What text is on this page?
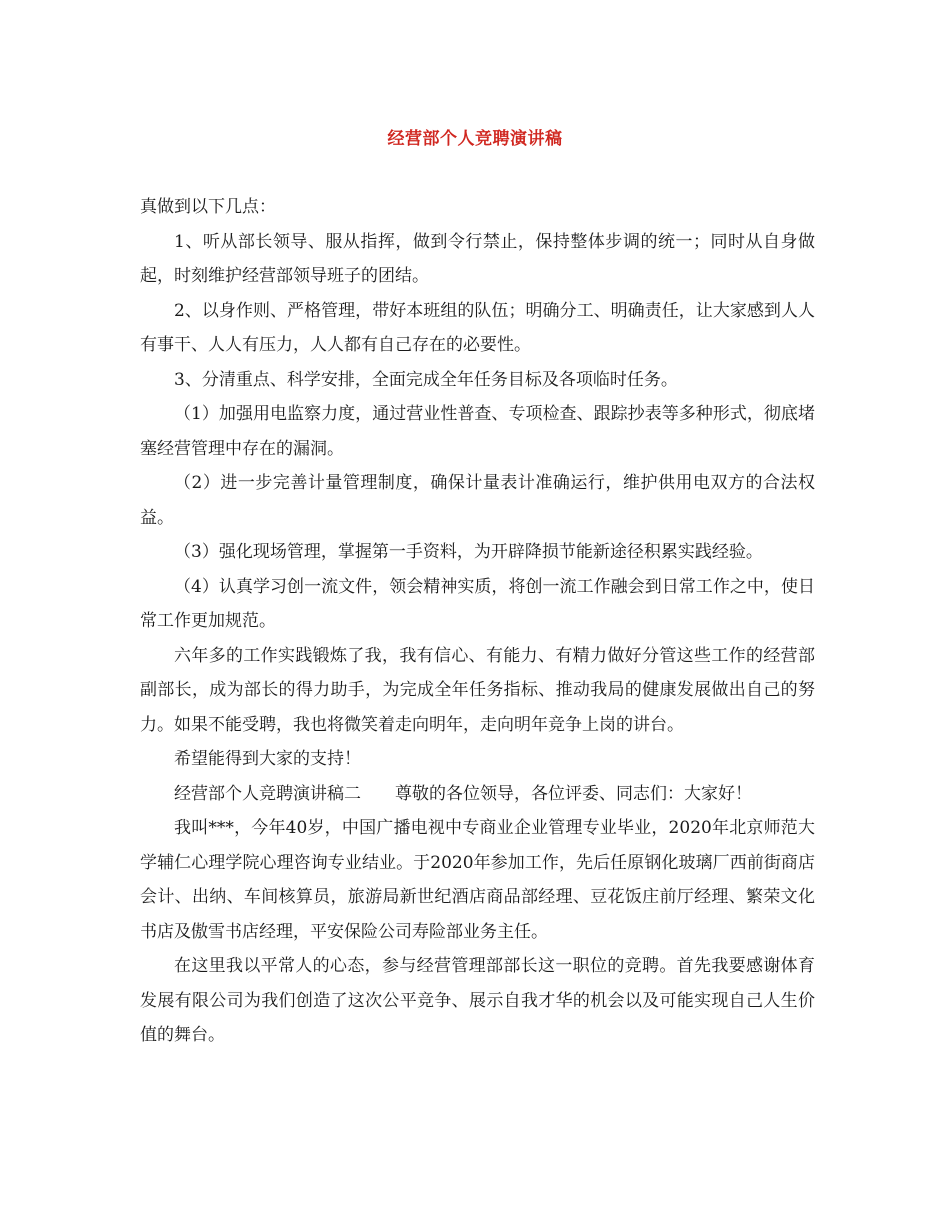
经营部个人竞聘演讲稿

真做到以下几点：

1、听从部长领导、服从指挥，做到令行禁止，保持整体步调的统一；同时从自身做起，时刻维护经营部领导班子的团结。

2、以身作则、严格管理，带好本班组的队伍；明确分工、明确责任，让大家感到人人有事干、人人有压力，人人都有自己存在的必要性。

3、分清重点、科学安排，全面完成全年任务目标及各项临时任务。

（1）加强用电监察力度，通过营业性普查、专项检查、跟踪抄表等多种形式，彻底堵塞经营管理中存在的漏洞。

（2）进一步完善计量管理制度，确保计量表计准确运行，维护供用电双方的合法权益。

（3）强化现场管理，掌握第一手资料，为开辟降损节能新途径积累实践经验。

（4）认真学习创一流文件，领会精神实质，将创一流工作融会到日常工作之中，使日常工作更加规范。

六年多的工作实践锻炼了我，我有信心、有能力、有精力做好分管这些工作的经营部副部长，成为部长的得力助手，为完成全年任务指标、推动我局的健康发展做出自己的努力。如果不能受聘，我也将微笑着走向明年，走向明年竞争上岗的讲台。

希望能得到大家的支持！

经营部个人竞聘演讲稿二 尊敬的各位领导，各位评委、同志们：大家好！

我叫***，今年40岁，中国广播电视中专商业企业管理专业毕业，2020年北京师范大学辅仁心理学院心理咨询专业结业。于2020年参加工作，先后任原钢化玻璃厂西前街商店会计、出纳、车间核算员，旅游局新世纪酒店商品部经理、豆花饭庄前厅经理、繁荣文化书店及傲雪书店经理，平安保险公司寿险部业务主任。

在这里我以平常人的心态，参与经营管理部部长这一职位的竞聘。首先我要感谢体育发展有限公司为我们创造了这次公平竞争、展示自我才华的机会以及可能实现自己人生价值的舞台。
